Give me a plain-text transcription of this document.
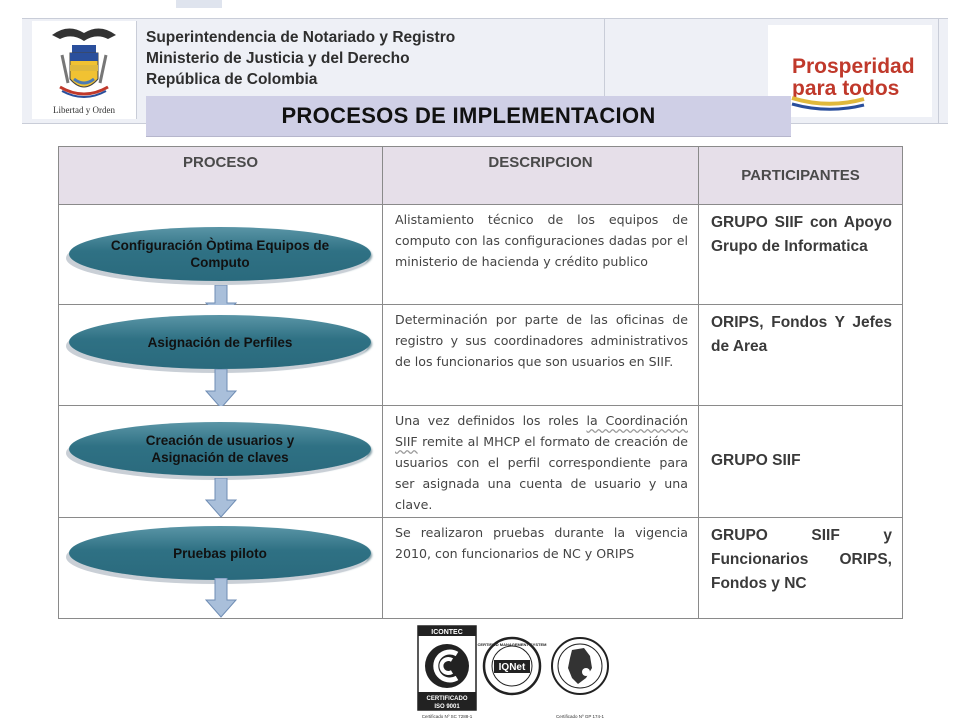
Libertad y Orden
Superintendencia de Notariado y Registro
Ministerio de Justicia y del Derecho
República de Colombia
Prosperidad
para todos
PROCESOS DE IMPLEMENTACION
PROCESO	DESCRIPCION	PARTICIPANTES

Configuración Òptima Equipos de Computo	Alistamiento técnico de los equipos de computo con las configuraciones dadas por el ministerio de hacienda y crédito publico	GRUPO SIIF con Apoyo Grupo de Informatica

Asignación de Perfiles	Determinación por parte de las oficinas de registro y sus coordinadores administrativos de los funcionarios que son usuarios en SIIF.	ORIPS, Fondos Y Jefes de Area

Creación de usuarios y Asignación de claves	Una vez definidos los roles la Coordinación SIIF remite al MHCP el formato de creación de usuarios con el perfil correspondiente para ser asignada una cuenta de usuario y una clave.	GRUPO SIIF

Pruebas piloto	Se realizaron pruebas durante la vigencia 2010, con funcionarios de NC y ORIPS	GRUPO SIIF y Funcionarios ORIPS, Fondos y NC
ICONTEC
CERTIFICADO
ISO 9001
Certificado Nº SC 7288-1
CERTIFIED MANAGEMENT SYSTEM
IQNet
Certificado Nº GP 174-1
